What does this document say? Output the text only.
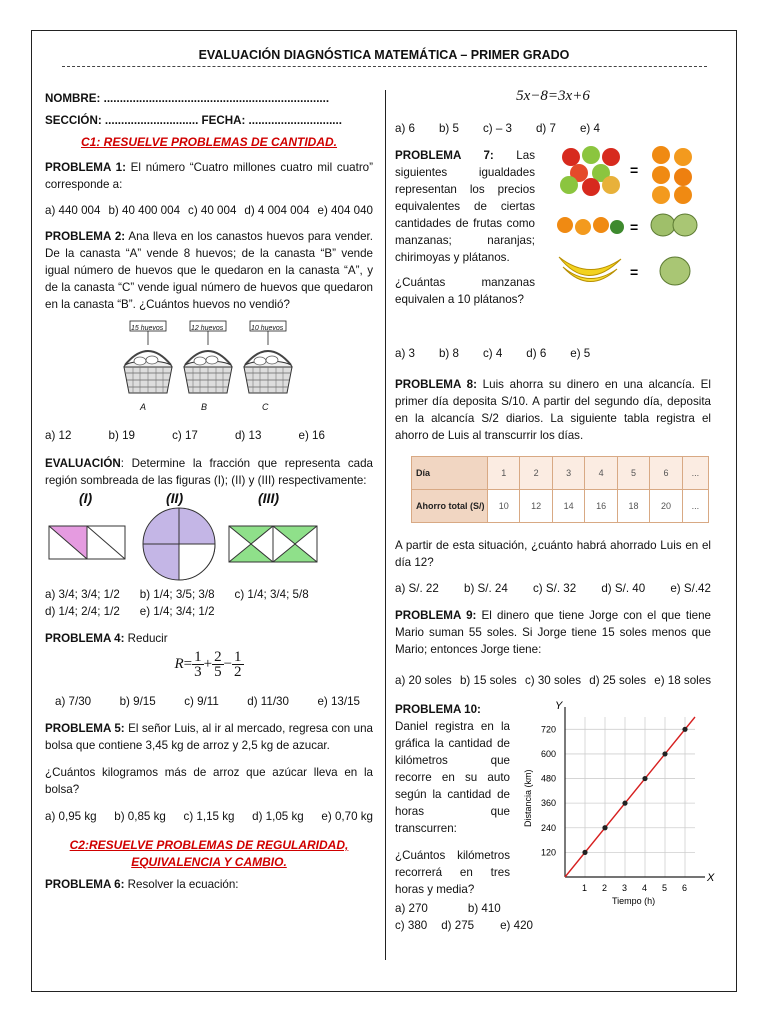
EVALUACIÓN DIAGNÓSTICA MATEMÁTICA – PRIMER GRADO

NOMBRE: ......................................................................

SECCIÓN: ............................. FECHA: .............................

C1: RESUELVE PROBLEMAS DE CANTIDAD.

PROBLEMA 1: El número “Cuatro millones cuatro mil cuatro” corresponde a:

a) 440 004 b) 40 400 004 c) 40 004 d) 4 004 004 e) 404 040

PROBLEMA 2: Ana lleva en los canastos huevos para vender. De la canasta “A” vende 8 huevos; de la canasta “B” vende igual número de huevos que le quedaron en la canasta “A”, y de la canasta “C” vende igual número de huevos que quedaron en la canasta “B”. ¿Cuántos huevos no vendió?

15 huevos	12 huevos	10 huevos
A	B	C
a) 12	b) 19	c) 17	d) 13	e) 16

EVALUACIÓN: Determine la fracción que representa cada región sombreada de las figuras (I); (II) y (III) respectivamente:

(I)	(II)	(III)
a) 3/4; 3/4; 1/2 b) 1/4; 3/5; 3/8 c) 1/4; 3/4; 5/8
d) 1/4; 2/4; 1/2 e) 1/4; 3/4; 1/2

PROBLEMA 4: Reducir

$R= \frac{1}{3} + \frac{2}{5} - \frac{1}{2}$
a) 7/30 b) 9/15 c) 9/11 d) 11/30 e) 13/15

PROBLEMA 5: El señor Luis, al ir al mercado, regresa con una bolsa que contiene 3,45 kg de arroz y 2,5 kg de azucar.

¿Cuántos kilogramos más de arroz que azúcar lleva en la bolsa?

a) 0,95 kg b) 0,85 kg c) 1,15 kg d) 1,05 kg e) 0,70 kg

C2:RESUELVE PROBLEMAS DE REGULARIDAD,

EQUIVALENCIA Y CAMBIO.

PROBLEMA 6: Resolver la ecuación:

5x−8=3x+6
a) 6 b) 5 c) – 3 d) 7 e) 4

PROBLEMA 7: Las siguientes igualdades representan los precios equivalentes de ciertas cantidades de frutas como manzanas; naranjas; chirimoyas y plátanos.

¿Cuántas manzanas equivalen a 10 plátanos?

=
=
=
a) 3 b) 8 c) 4 d) 6 e) 5

PROBLEMA 8: Luis ahorra su dinero en una alcancía. El primer día deposita S/10. A partir del segundo día, deposita en la alcancía S/2 diarios. La siguiente tabla registra el ahorro de Luis al transcurrir los días.

Día	1	2	3	4	5	6	...
Ahorro total (S/)	10	12	14	16	18	20	...

A partir de esta situación, ¿cuánto habrá ahorrado Luis en el día 12?

a) S/. 22 b) S/. 24 c) S/. 32 d) S/. 40 e) S/.42

PROBLEMA 9: El dinero que tiene Jorge con el que tiene Mario suman 55 soles. Si Jorge tiene 15 soles menos que Mario; entonces Jorge tiene:

a) 20 soles b) 15 soles c) 30 soles d) 25 soles e) 18 soles

PROBLEMA 10:
Daniel registra en la gráfica la cantidad de kilómetros que recorre en su auto según la cantidad de horas que transcurren:

¿Cuántos kilómetros recorrerá en tres horas y media?

a) 270	b) 410
c) 380 d) 275 e) 420
X
Y
1 2 3 4 5 6
120
240
360
480
600
720
Tiempo (h)
Distancia (km)
